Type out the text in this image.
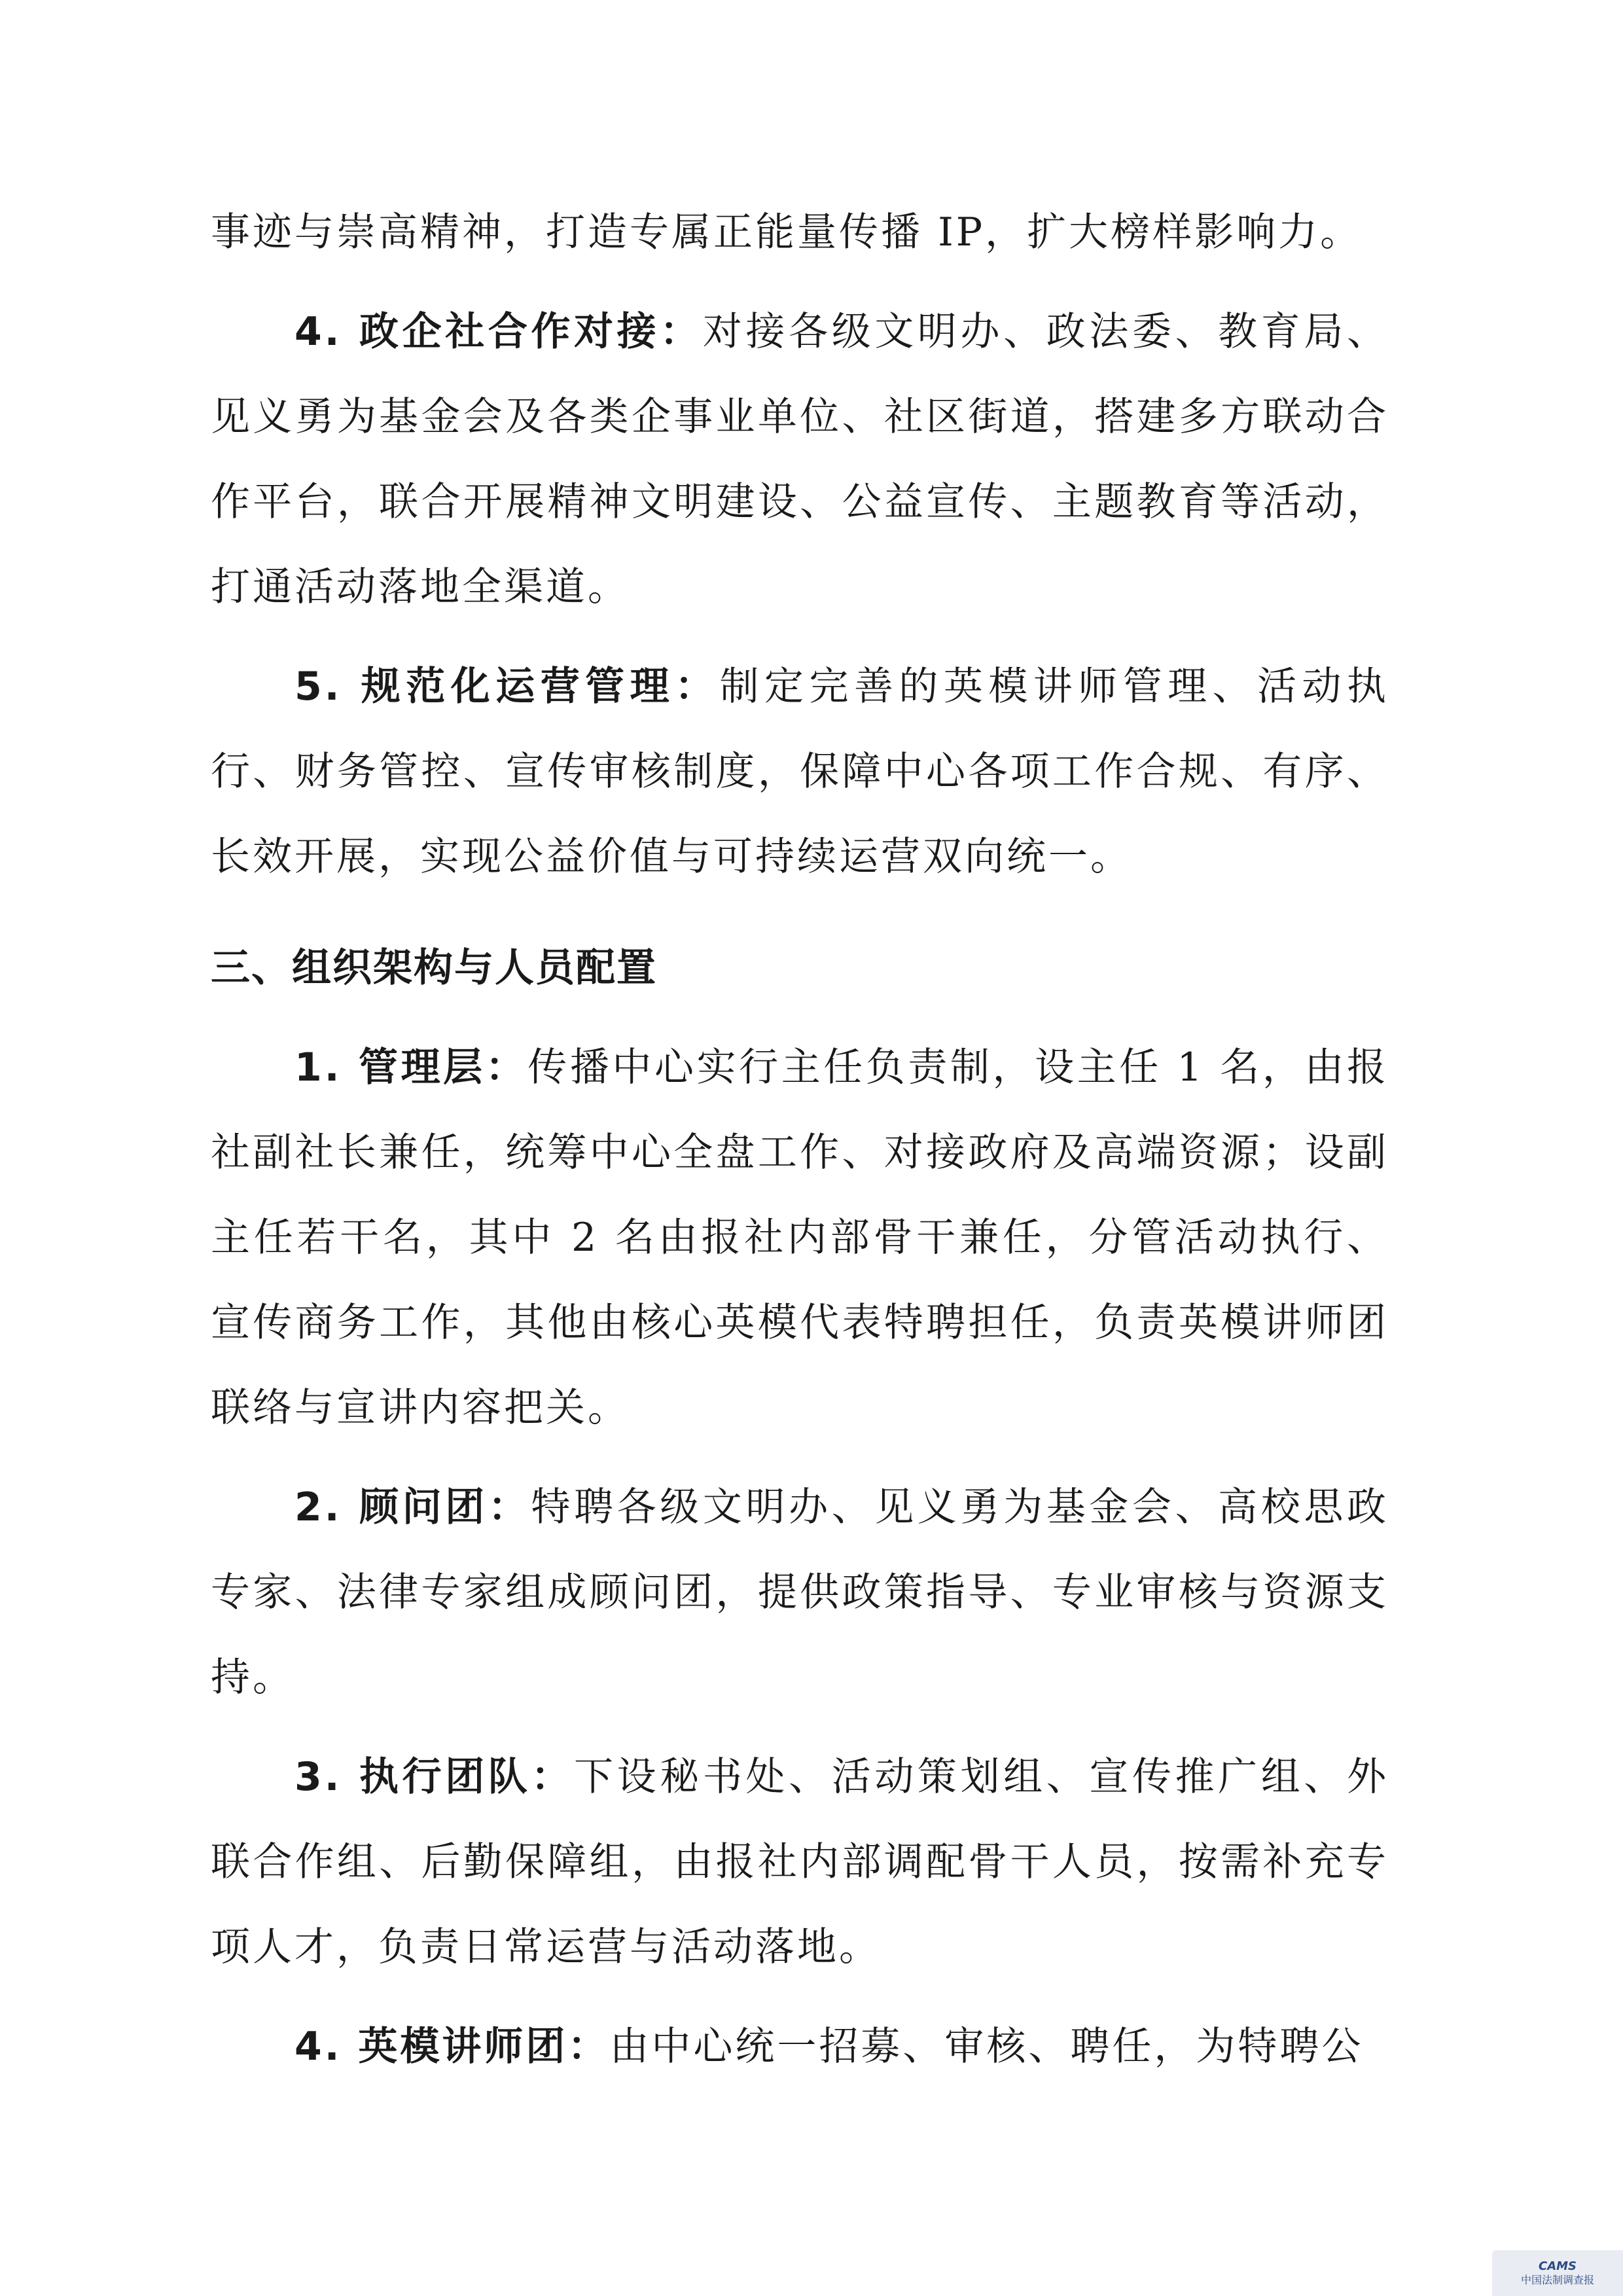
事迹与崇高精神，打造专属正能量传播 IP，扩大榜样影响力。

4. 政企社合作对接：对接各级文明办、政法委、教育局、见义勇为基金会及各类企事业单位、社区街道，搭建多方联动合作平台，联合开展精神文明建设、公益宣传、主题教育等活动，打通活动落地全渠道。

5. 规范化运营管理：制定完善的英模讲师管理、活动执行、财务管控、宣传审核制度，保障中心各项工作合规、有序、长效开展，实现公益价值与可持续运营双向统一。

三、组织架构与人员配置

1. 管理层：传播中心实行主任负责制，设主任 1 名，由报社副社长兼任，统筹中心全盘工作、对接政府及高端资源；设副主任若干名，其中 2 名由报社内部骨干兼任，分管活动执行、宣传商务工作，其他由核心英模代表特聘担任，负责英模讲师团联络与宣讲内容把关。

2. 顾问团：特聘各级文明办、见义勇为基金会、高校思政专家、法律专家组成顾问团，提供政策指导、专业审核与资源支持。

3. 执行团队：下设秘书处、活动策划组、宣传推广组、外联合作组、后勤保障组，由报社内部调配骨干人员，按需补充专项人才，负责日常运营与活动落地。

4. 英模讲师团：由中心统一招募、审核、聘任，为特聘公

CAMS
中国法制调查报
